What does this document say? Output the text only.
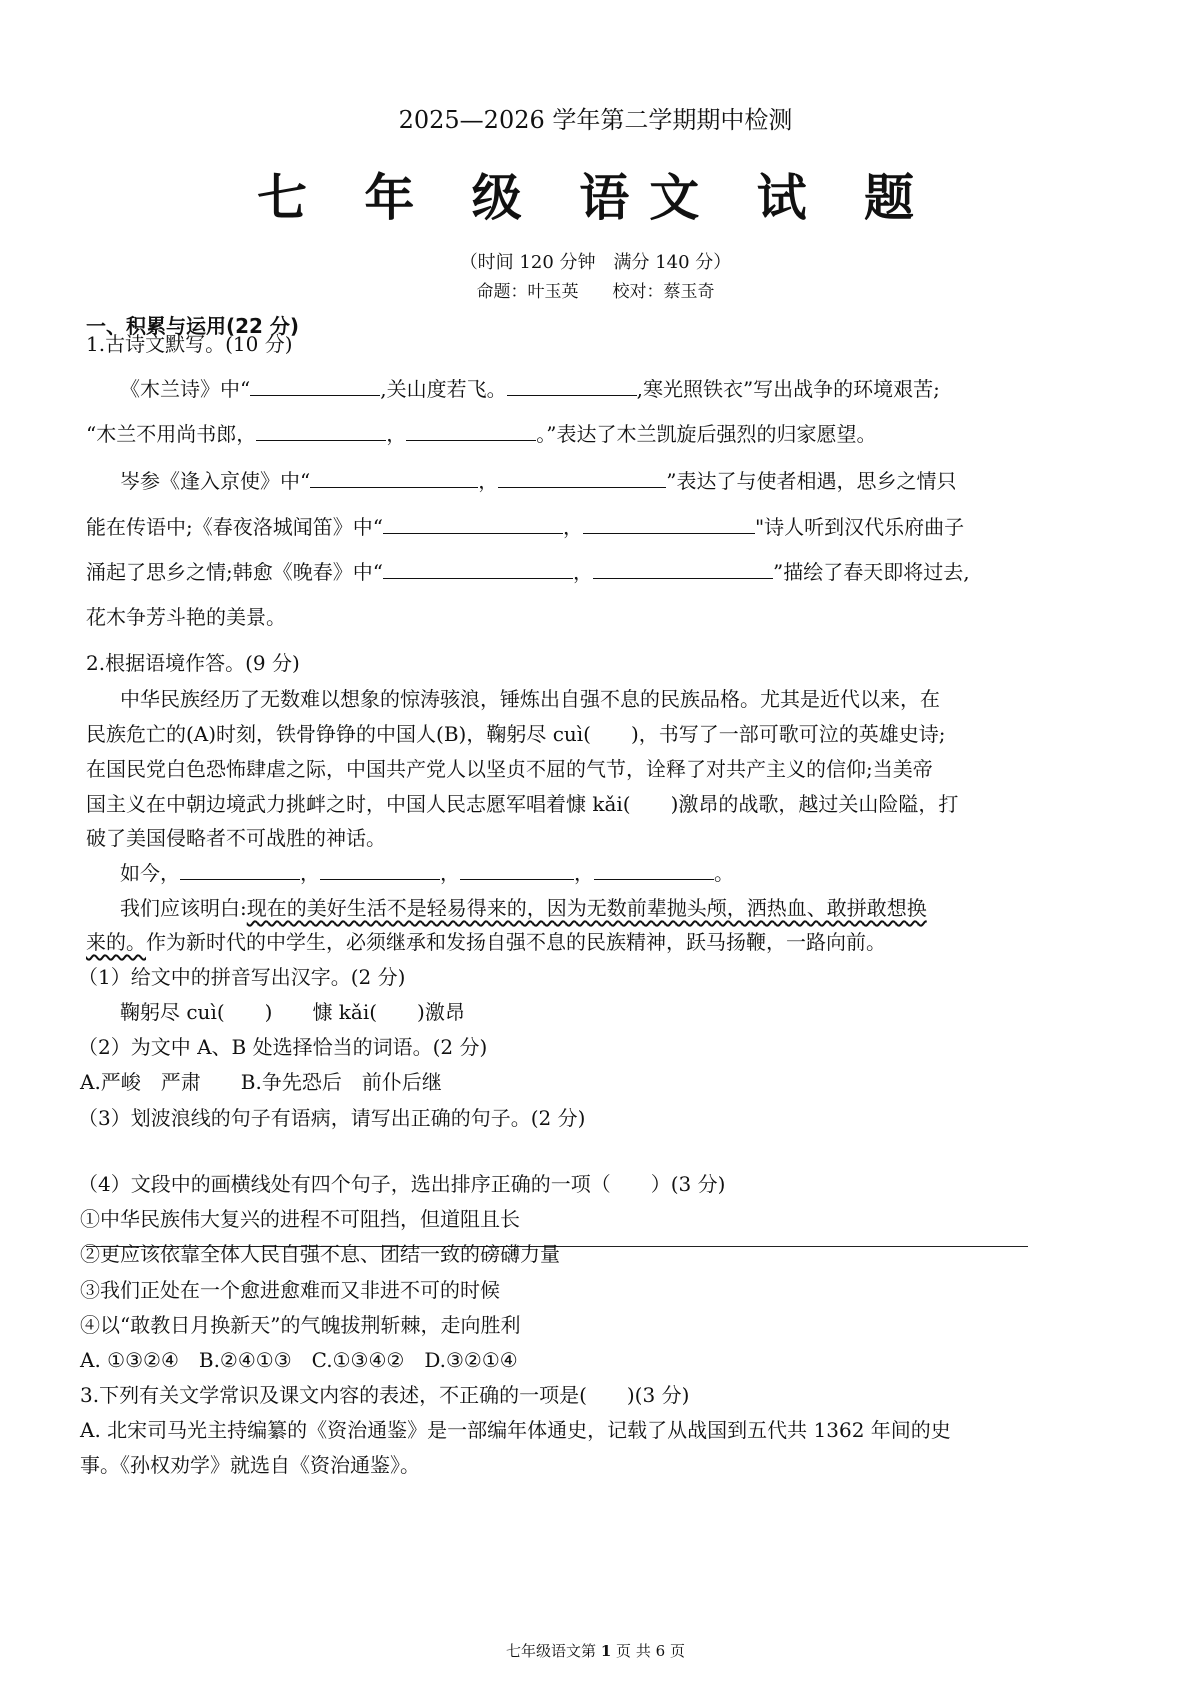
2025—2026 学年第二学期期中检测
七 年 级 语文 试 题
（时间 120 分钟　满分 140 分）
命题：叶玉英　　校对：蔡玉奇
一、积累与运用(22 分)
1.古诗文默写。(10 分)
《木兰诗》中“	,关山度若飞。	,寒光照铁衣”写出战争的环境艰苦;
“木兰不用尚书郎，	，	。”表达了木兰凯旋后强烈的归家愿望。
岑参《逢入京使》中“	，	”表达了与使者相遇，思乡之情只
能在传语中;《春夜洛城闻笛》中“	，	"诗人听到汉代乐府曲子
涌起了思乡之情;韩愈《晚春》中“	，	”描绘了春天即将过去,
花木争芳斗艳的美景。
2.根据语境作答。(9 分)
中华民族经历了无数难以想象的惊涛骇浪，锤炼出自强不息的民族品格。尤其是近代以来，在
民族危亡的(A)时刻，铁骨铮铮的中国人(B)，鞠躬尽 cuì(　　)，书写了一部可歌可泣的英雄史诗;
在国民党白色恐怖肆虐之际，中国共产党人以坚贞不屈的气节，诠释了对共产主义的信仰;当美帝
国主义在中朝边境武力挑衅之时，中国人民志愿军唱着慷 kǎi(　　)激昂的战歌，越过关山险隘，打
破了美国侵略者不可战胜的神话。
如今，	，	，	，	。
我们应该明白:现在的美好生活不是轻易得来的，因为无数前辈抛头颅，洒热血、敢拼敢想换
来的。作为新时代的中学生，必须继承和发扬自强不息的民族精神，跃马扬鞭，一路向前。
（1）给文中的拼音写出汉字。(2 分)
鞠躬尽 cuì(　　)　　慷 kǎi(　　)激昂
（2）为文中 A、B 处选择恰当的词语。(2 分)
A.严峻　严肃　　B.争先恐后　前仆后继
（3）划波浪线的句子有语病，请写出正确的句子。(2 分)
（4）文段中的画横线处有四个句子，选出排序正确的一项（　　）(3 分)
①中华民族伟大复兴的进程不可阻挡，但道阻且长
②更应该依靠全体人民自强不息、团结一致的磅礴力量
③我们正处在一个愈进愈难而又非进不可的时候
④以“敢教日月换新天”的气魄拔荆斩棘，走向胜利
A. ①③②④　B.②④①③　C.①③④②　D.③②①④
3.下列有关文学常识及课文内容的表述，不正确的一项是(　　)(3 分)
A. 北宋司马光主持编纂的《资治通鉴》是一部编年体通史，记载了从战国到五代共 1362 年间的史
事。《孙权劝学》就选自《资治通鉴》。
七年级语文第 1 页 共 6 页
